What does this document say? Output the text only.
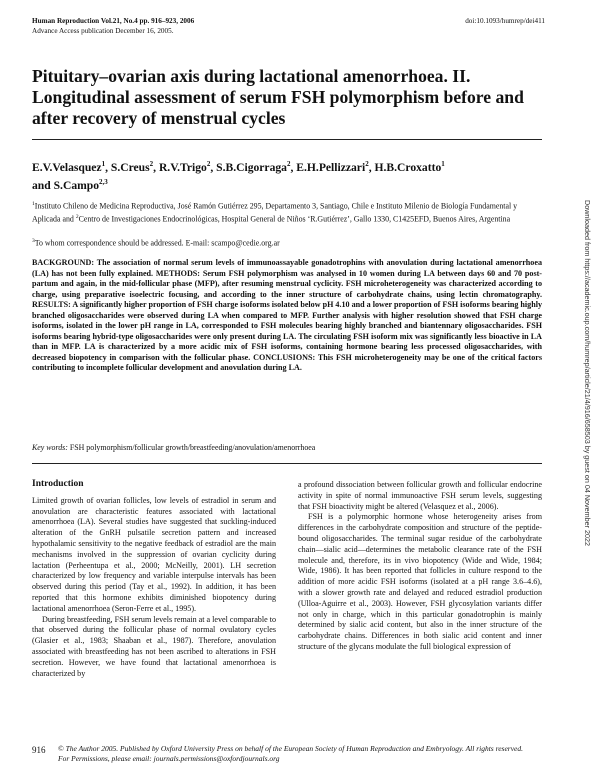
Human Reproduction Vol.21, No.4 pp. 916–923, 2006
Advance Access publication December 16, 2005.
doi:10.1093/humrep/dei411
Pituitary–ovarian axis during lactational amenorrhoea. II. Longitudinal assessment of serum FSH polymorphism before and after recovery of menstrual cycles
E.V.Velasquez$^1$, S.Creus$^2$, R.V.Trigo$^2$, S.B.Cigorraga$^2$, E.H.Pellizzari$^2$, H.B.Croxatto$^1$
and S.Campo$^{2,3}$
$^1$Instituto Chileno de Medicina Reproductiva, José Ramón Gutiérrez 295, Departamento 3, Santiago, Chile e Instituto Milenio de Biología Fundamental y Aplicada and $^2$Centro de Investigaciones Endocrinológicas, Hospital General de Niños ‘R.Gutiérrez’, Gallo 1330, C1425EFD, Buenos Aires, Argentina
$^3$To whom correspondence should be addressed. E-mail: scampo@cedie.org.ar
BACKGROUND: The association of normal serum levels of immunoassayable gonadotrophins with anovulation during lactational amenorrhoea (LA) has not been fully explained. METHODS: Serum FSH polymorphism was analysed in 10 women during LA between days 60 and 70 post-partum and again, in the mid-follicular phase (MFP), after resuming menstrual cyclicity. FSH microheterogeneity was characterized according to charge, using preparative isoelectric focusing, and according to the inner structure of carbohydrate chains, using lectin chromatography. RESULTS: A significantly higher proportion of FSH charge isoforms isolated below pH 4.10 and a lower proportion of FSH isoforms bearing highly branched oligosaccharides were observed during LA when compared to MFP. Further analysis with higher resolution showed that FSH charge isoforms, isolated in the lower pH range in LA, corresponded to FSH molecules bearing highly branched and biantennary oligosaccharides. FSH isoforms bearing hybrid-type oligosaccharides were only present during LA. The circulating FSH isoform mix was significantly less bioactive in LA than in MFP. LA is characterized by a more acidic mix of FSH isoforms, containing hormone bearing less processed oligosaccharides, with decreased biopotency in comparison with the follicular phase. CONCLUSIONS: This FSH microheterogeneity may be one of the critical factors contributing to incomplete follicular development and anovulation during LA.
Key words: FSH polymorphism/follicular growth/breastfeeding/anovulation/amenorrhoea
Introduction

Limited growth of ovarian follicles, low levels of estradiol in serum and anovulation are characteristic features associated with lactational amenorrhoea (LA). Several studies have suggested that suckling-induced alteration of the GnRH pulsatile secretion pattern and increased hypothalamic sensitivity to the negative feedback of estradiol are the main mechanisms involved in the suppression of ovarian cyclicity during lactation (Perheentupa et al., 2000; McNeilly, 2001). LH secretion characterized by low frequency and variable interpulse intervals has been observed during this period (Tay et al., 1992). In addition, it has been reported that this hormone exhibits diminished biopotency during lactational amenorrhoea (Seron-Ferre et al., 1995).

During breastfeeding, FSH serum levels remain at a level comparable to that observed during the follicular phase of normal ovulatory cycles (Glasier et al., 1983; Shaaban et al., 1987). Therefore, anovulation associated with breastfeeding has not been ascribed to alterations in FSH secretion. However, we have found that lactational amenorrhoea is characterized by

a profound dissociation between follicular growth and follicular endocrine activity in spite of normal immunoactive FSH serum levels, suggesting that FSH bioactivity might be altered (Velasquez et al., 2006).

FSH is a polymorphic hormone whose heterogeneity arises from differences in the carbohydrate composition and structure of the peptide-bound oligosaccharides. The terminal sugar residue of the carbohydrate chain—sialic acid—determines the metabolic clearance rate of the FSH molecule and, therefore, its in vivo biopotency (Wide and Wide, 1984; Wide, 1986). It has been reported that follicles in culture respond to the addition of more acidic FSH isoforms (isolated at a pH range 3.6–4.6), with a slower growth rate and delayed and reduced estradiol production (Ulloa-Aguirre et al., 2003). However, FSH glycosylation variants differ not only in charge, which in this particular gonadotrophin is mainly determined by sialic acid content, but also in the inner structure of the carbohydrate chains. Differences in both sialic acid content and inner structure of the glycans modulate the full biological expression of

916 © The Author 2005. Published by Oxford University Press on behalf of the European Society of Human Reproduction and Embryology. All rights reserved.
For Permissions, please email: journals.permissions@oxfordjournals.org
Downloaded from https://academic.oup.com/humrep/article/21/4/916/658503 by guest on 04 November 2022
